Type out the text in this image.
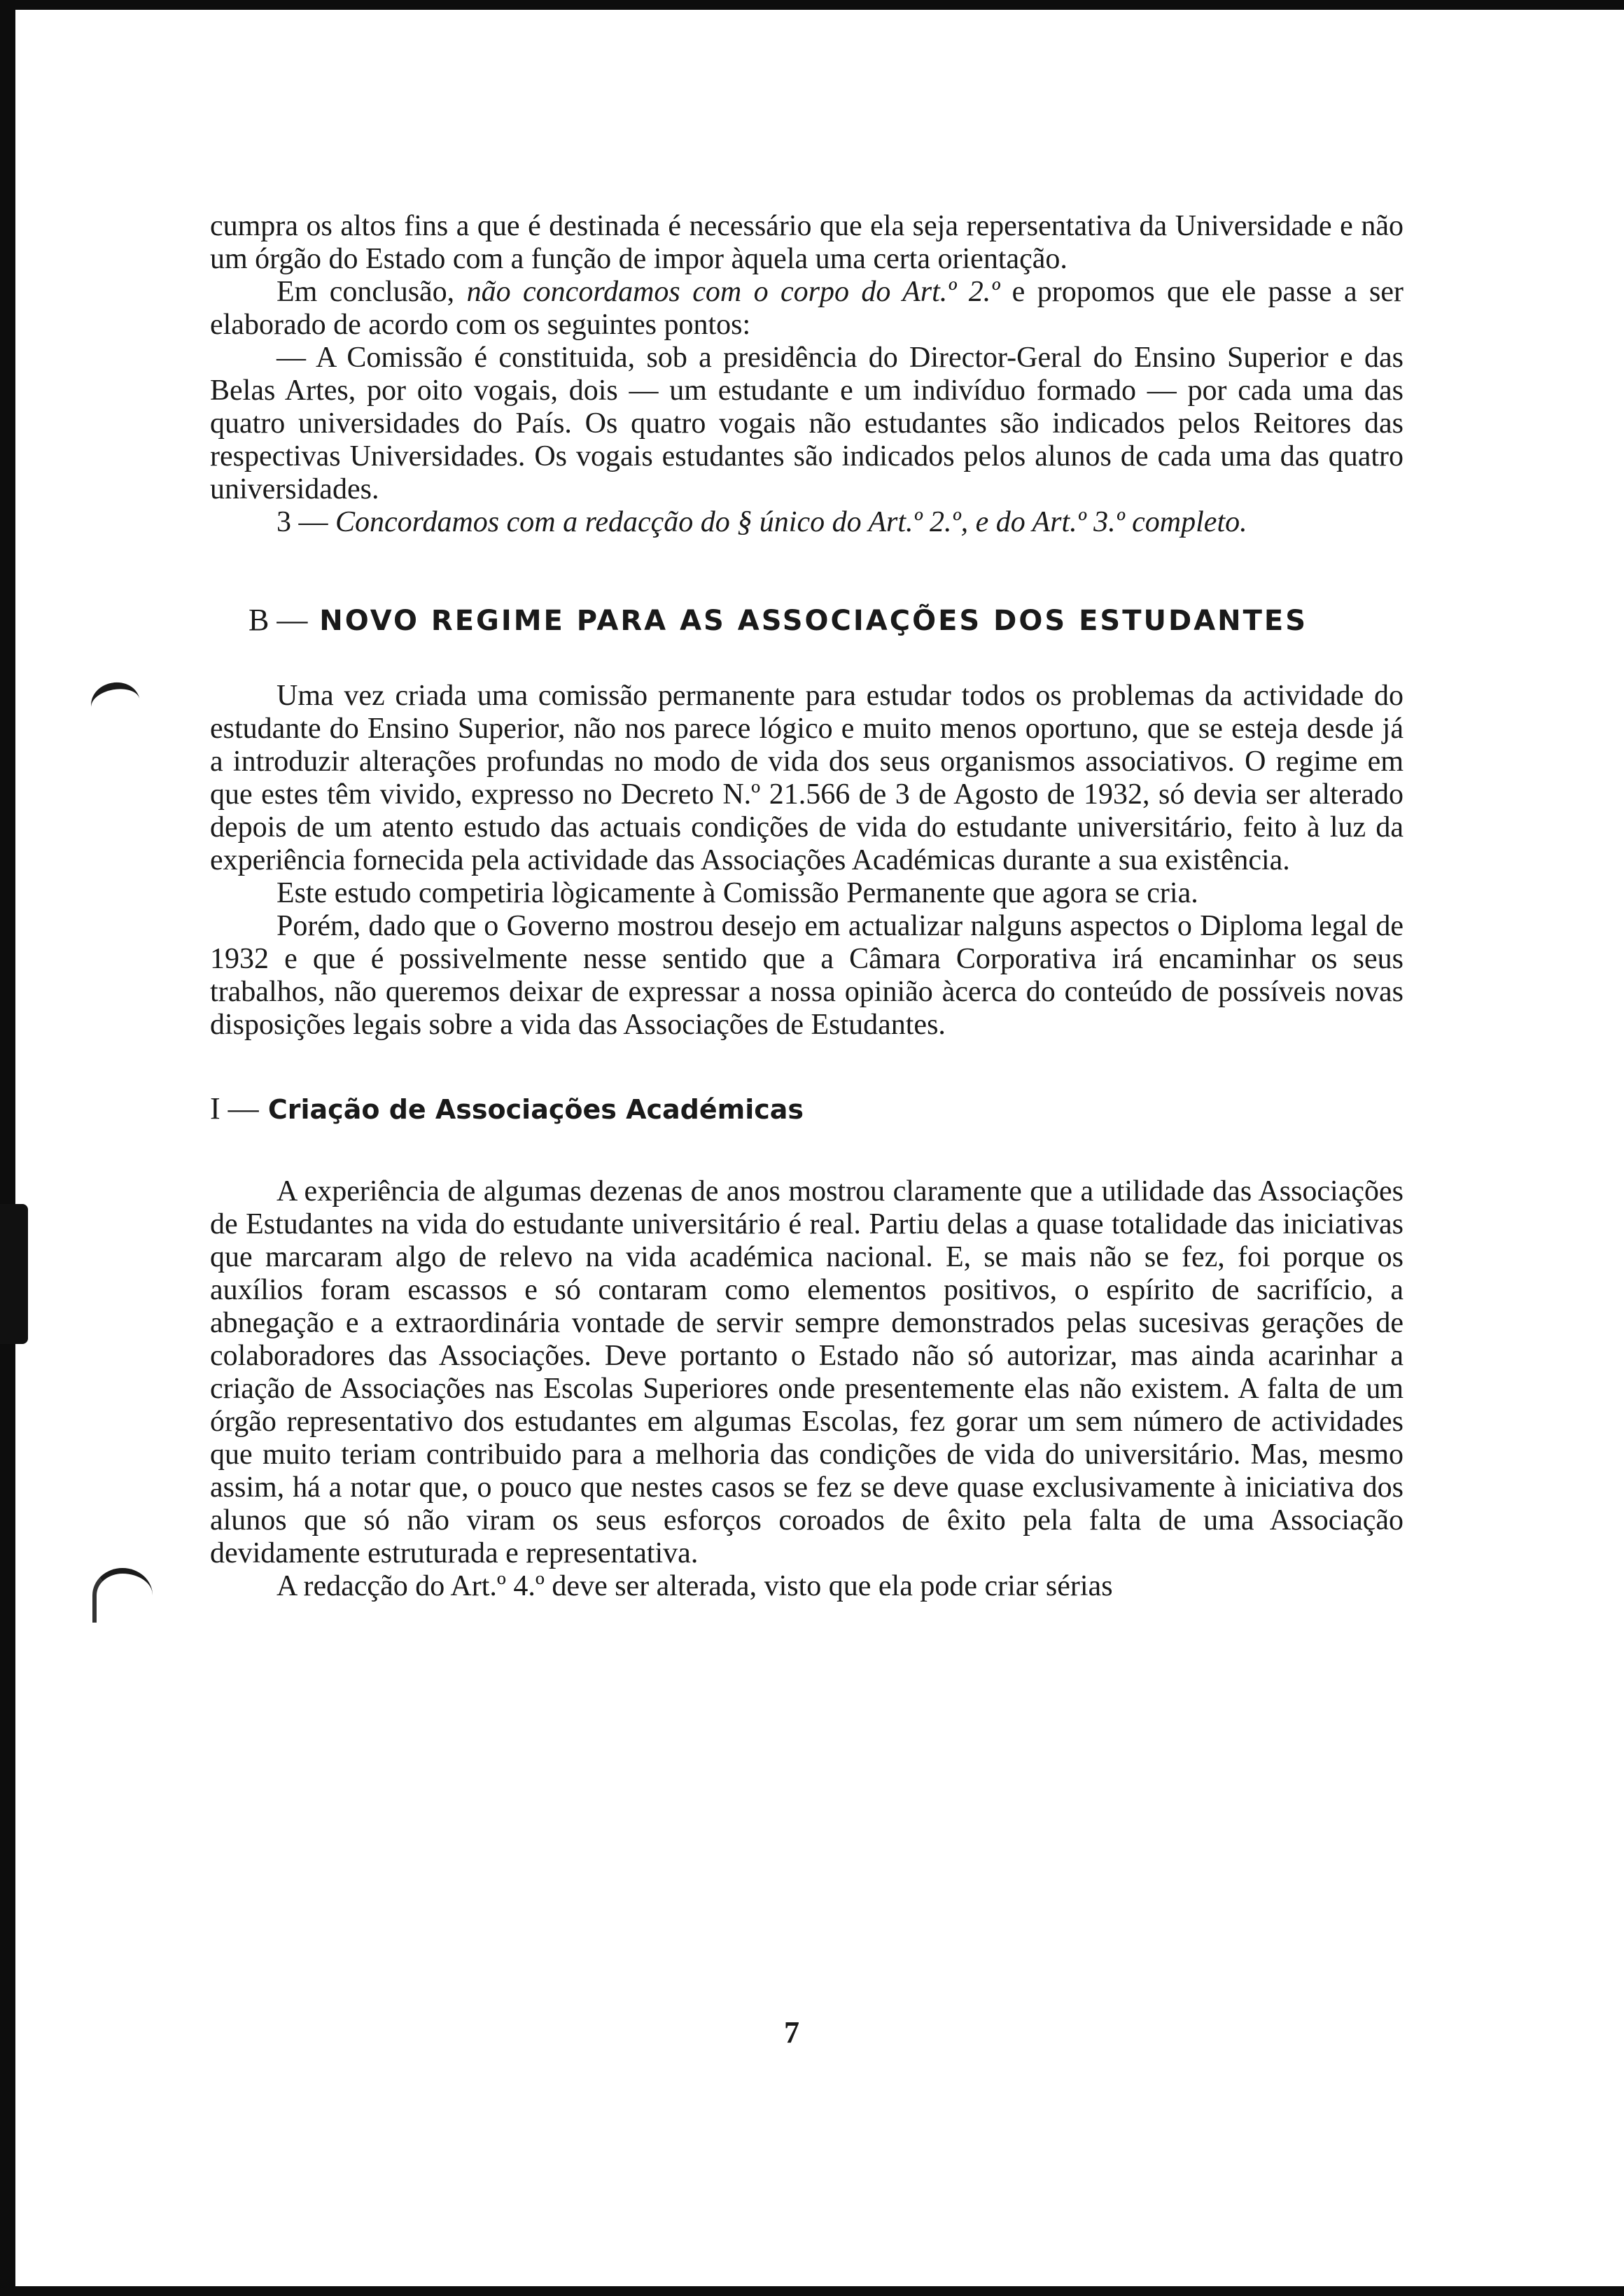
cumpra os altos fins a que é destinada é necessário que ela seja repersentativa da Universidade e não um órgão do Estado com a função de impor àquela uma certa orientação.

Em conclusão, não concordamos com o corpo do Art.º 2.º e propomos que ele passe a ser elaborado de acordo com os seguintes pontos:

— A Comissão é constituida, sob a presidência do Director-Geral do Ensino Superior e das Belas Artes, por oito vogais, dois — um estudante e um indivíduo formado — por cada uma das quatro universidades do País. Os quatro vogais não estudantes são indicados pelos Reitores das respectivas Universidades. Os vogais estudantes são indicados pelos alunos de cada uma das quatro universidades.

3 — Concordamos com a redacção do § único do Art.º 2.º, e do Art.º 3.º completo.

B — NOVO REGIME PARA AS ASSOCIAÇÕES DOS ESTUDANTES

Uma vez criada uma comissão permanente para estudar todos os problemas da actividade do estudante do Ensino Superior, não nos parece lógico e muito menos oportuno, que se esteja desde já a introduzir alterações profundas no modo de vida dos seus organismos associativos. O regime em que estes têm vivido, expresso no Decreto N.º 21.566 de 3 de Agosto de 1932, só devia ser alterado depois de um atento estudo das actuais condições de vida do estudante universitário, feito à luz da experiência fornecida pela actividade das Associações Académicas durante a sua existência.

Este estudo competiria lògicamente à Comissão Permanente que agora se cria.

Porém, dado que o Governo mostrou desejo em actualizar nalguns aspectos o Diploma legal de 1932 e que é possivelmente nesse sentido que a Câmara Corporativa irá encaminhar os seus trabalhos, não queremos deixar de expressar a nossa opinião àcerca do conteúdo de possíveis novas disposições legais sobre a vida das Associações de Estudantes.

I — Criação de Associações Académicas

A experiência de algumas dezenas de anos mostrou claramente que a utilidade das Associações de Estudantes na vida do estudante universitário é real. Partiu delas a quase totalidade das iniciativas que marcaram algo de relevo na vida académica nacional. E, se mais não se fez, foi porque os auxílios foram escassos e só contaram como elementos positivos, o espírito de sacrifício, a abnegação e a extraordinária vontade de servir sempre demonstrados pelas sucesivas gerações de colaboradores das Associações. Deve portanto o Estado não só autorizar, mas ainda acarinhar a criação de Associações nas Escolas Superiores onde presentemente elas não existem. A falta de um órgão representativo dos estudantes em algumas Escolas, fez gorar um sem número de actividades que muito teriam contribuido para a melhoria das condições de vida do universitário. Mas, mesmo assim, há a notar que, o pouco que nestes casos se fez se deve quase exclusivamente à iniciativa dos alunos que só não viram os seus esforços coroados de êxito pela falta de uma Associação devidamente estruturada e representativa.

A redacção do Art.º 4.º deve ser alterada, visto que ela pode criar sérias

7
